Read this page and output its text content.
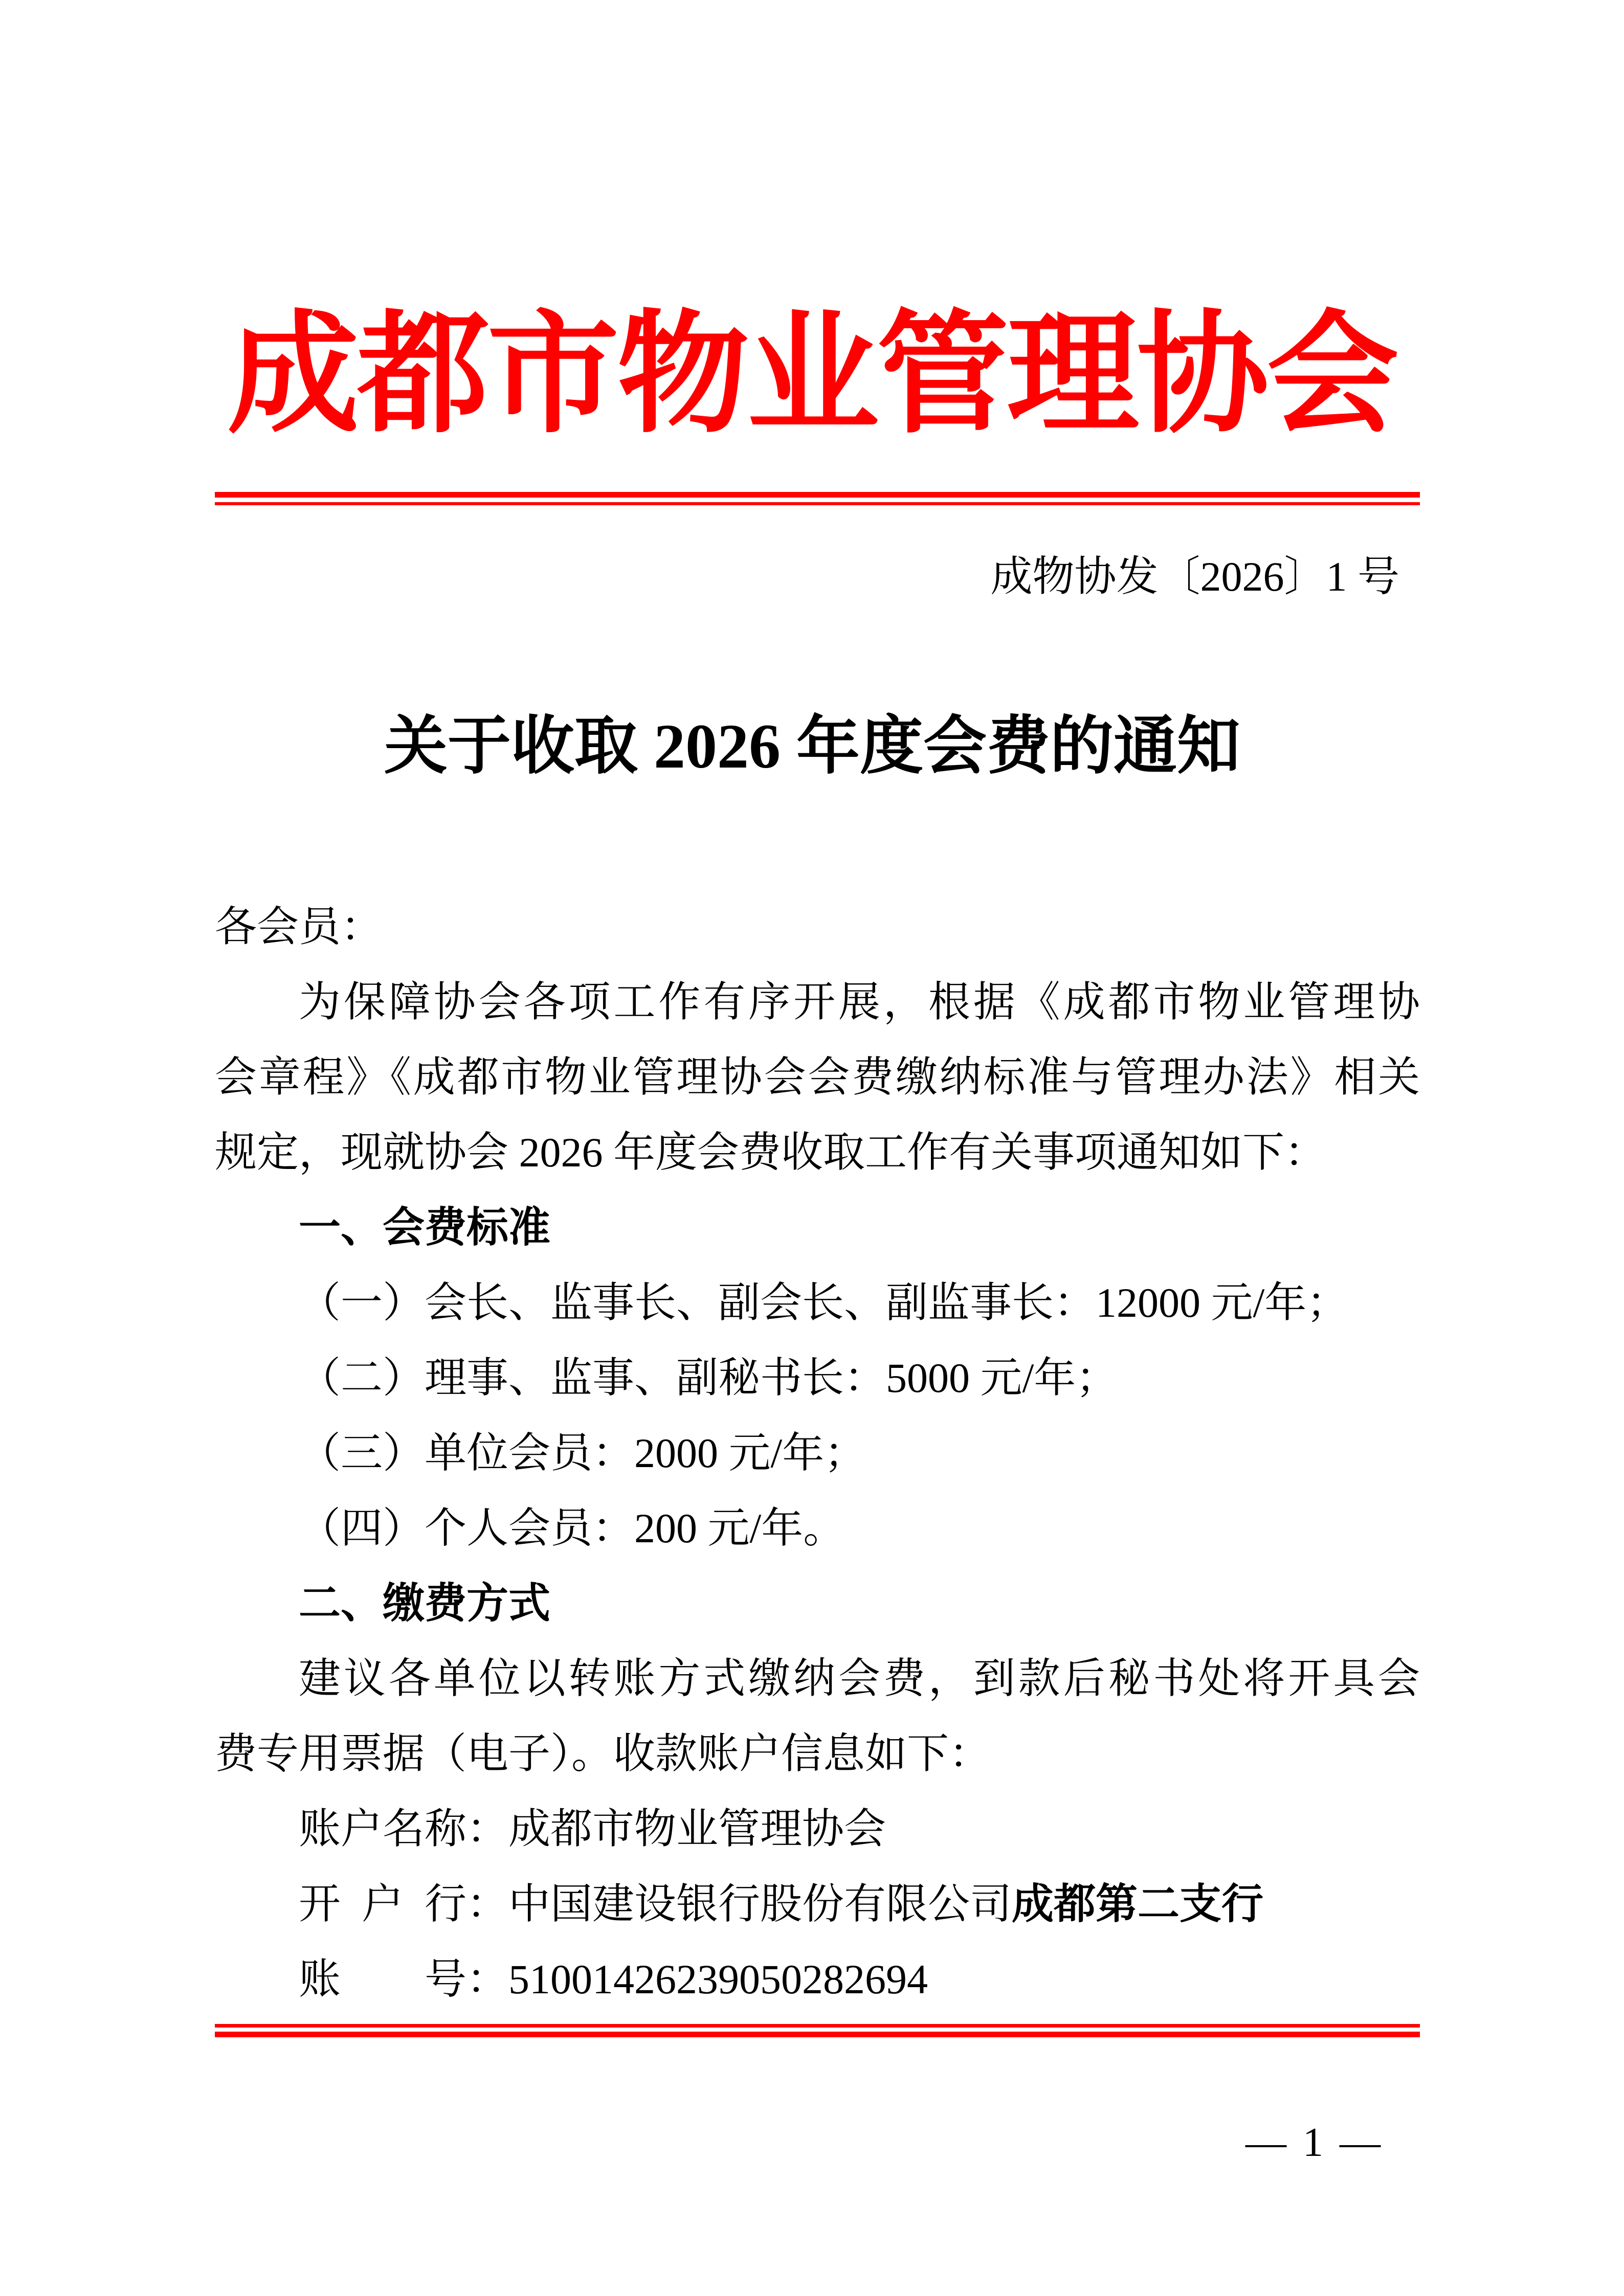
成都市物业管理协会
成物协发〔2026〕1 号
关于收取 2026 年度会费的通知
各会员：
为保障协会各项工作有序开展，根据《成都市物业管理协
会章程》《成都市物业管理协会会费缴纳标准与管理办法》相关
规定，现就协会 2026 年度会费收取工作有关事项通知如下：
一、会费标准
（一）会长、监事长、副会长、副监事长：12000 元/年；
（二）理事、监事、副秘书长：5000 元/年；
（三）单位会员：2000 元/年；
（四）个人会员：200 元/年。
二、缴费方式
建议各单位以转账方式缴纳会费，到款后秘书处将开具会
费专用票据（电子）。收款账户信息如下：
账户名称：成都市物业管理协会
开 户 行：中国建设银行股份有限公司成都第二支行
账　　号：51001426239050282694
— 1 —
